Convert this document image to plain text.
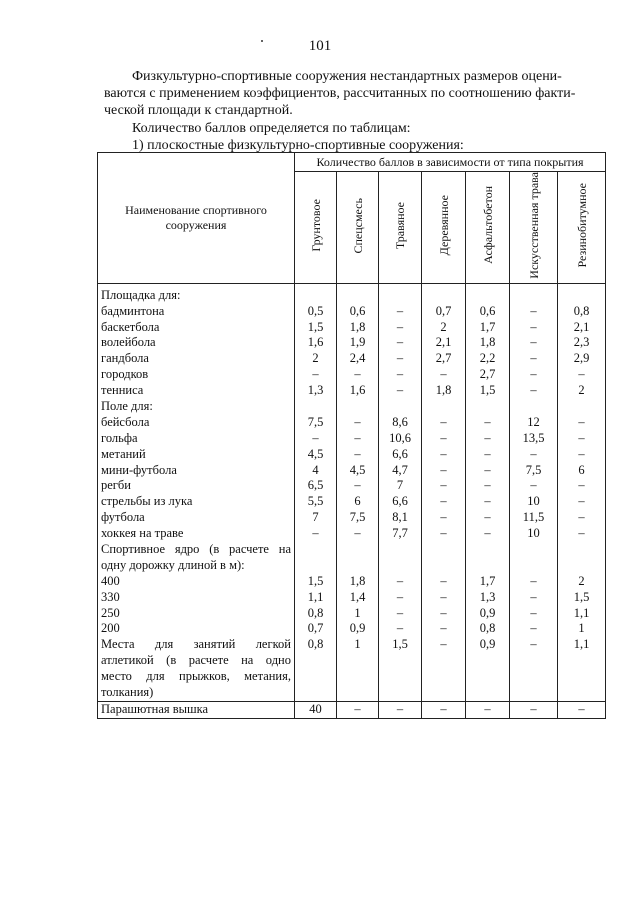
101
Физкультурно-спортивные сооружения нестандартных размеров оцени-
ваются с применением коэффициентов, рассчитанных по соотношению факти-
ческой площади к стандартной.
Количество баллов определяется по таблицам:
1) плоскостные физкультурно-спортивные сооружения:
Наименование спортивного сооружения	Количество баллов в зависимости от типа покрытия						
	Грунтовое	Спецсмесь	Травяное	Деревянное	Асфальтобетон	Искусственная трава	Резинобитумное

Площадка для:							
бадминтона	0,5	0,6	–	0,7	0,6	–	0,8
баскетбола	1,5	1,8	–	2	1,7	–	2,1
волейбола	1,6	1,9	–	2,1	1,8	–	2,3
гандбола	2	2,4	–	2,7	2,2	–	2,9
городков	–	–	–	–	2,7	–	–
тенниса	1,3	1,6	–	1,8	1,5	–	2
Поле для:							
бейсбола	7,5	–	8,6	–	–	12	–
гольфа	–	–	10,6	–	–	13,5	–
метаний	4,5	–	6,6	–	–	–	–
мини-футбола	4	4,5	4,7	–	–	7,5	6
регби	6,5	–	7	–	–	–	–
стрельбы из лука	5,5	6	6,6	–	–	10	–
футбола	7	7,5	8,1	–	–	11,5	–
хоккея на траве	–	–	7,7	–	–	10	–
Спортивное ядро (в расчете на							
одну дорожку длиной в м):							
400	1,5	1,8	–	–	1,7	–	2
330	1,1	1,4	–	–	1,3	–	1,5
250	0,8	1	–	–	0,9	–	1,1
200	0,7	0,9	–	–	0,8	–	1
Места для занятий легкой	0,8	1	1,5	–	0,9	–	1,1
атлетикой (в расчете на одно							
место для прыжков, метания,							
толкания)							
Парашютная вышка	40	–	–	–	–	–	–
